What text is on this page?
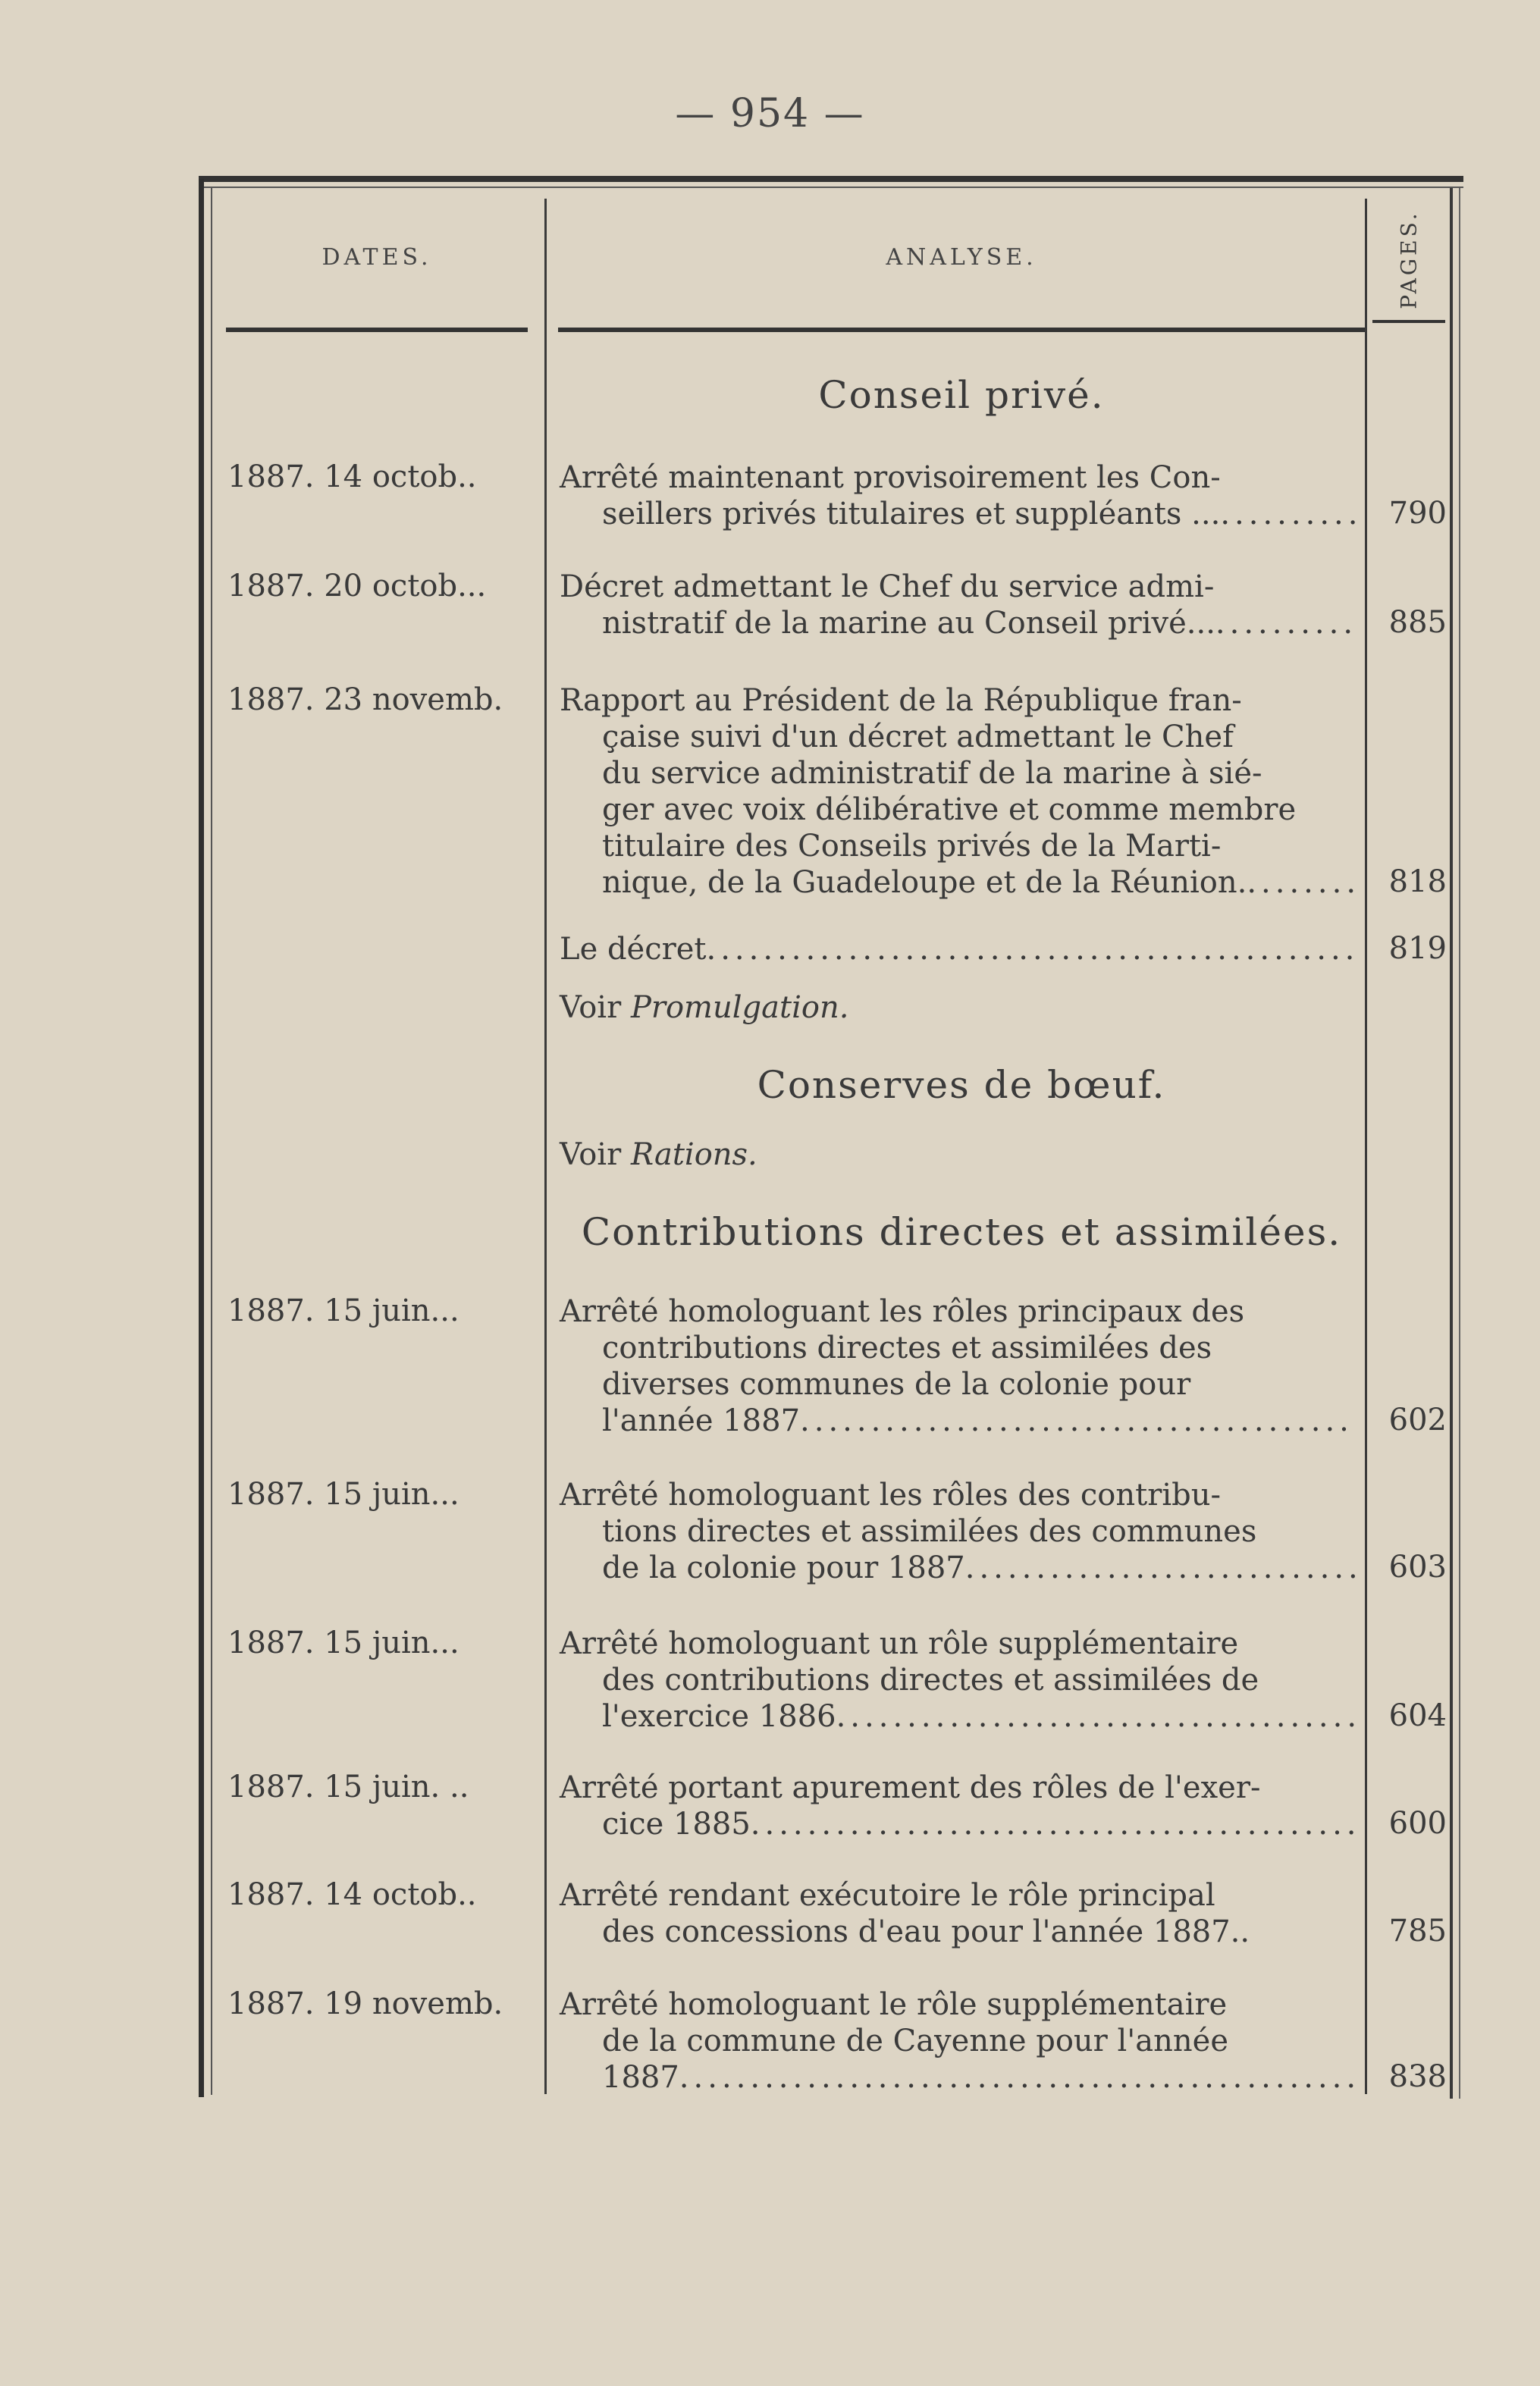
— 954 —
DATES.	ANALYSE.	PAGES.
Conseil privé.
1887. 14 octob..	Arrêté maintenant provisoirement les Con-
seillers privés titulaires et suppléants ... .....	790
1887. 20 octob...	Décret admettant le Chef du service admi-
nistratif de la marine au Conseil privé... .....	885
1887. 23 novemb.	Rapport au Président de la République fran-
çaise suivi d'un décret admettant le Chef
du service administratif de la marine à sié-
ger avec voix délibérative et comme membre
titulaire des Conseils privés de la Marti-
nique, de la Guadeloupe et de la Réunion. .....	818
Le décret .....	819
Voir Promulgation.
Conserves de bœuf.
Voir Rations.
Contributions directes et assimilées.
1887. 15 juin...	Arrêté homologuant les rôles principaux des
contributions directes et assimilées des
diverses communes de la colonie pour
l'année 1887 .....	602
1887. 15 juin...	Arrêté homologuant les rôles des contribu-
tions directes et assimilées des communes
de la colonie pour 1887 .....	603
1887. 15 juin...	Arrêté homologuant un rôle supplémentaire
des contributions directes et assimilées de
l'exercice 1886 .....	604
1887. 15 juin. ..	Arrêté portant apurement des rôles de l'exer-
cice 1885 .....	600
1887. 14 octob..	Arrêté rendant exécutoire le rôle principal
des concessions d'eau pour l'année 1887..	785
1887. 19 novemb.	Arrêté homologuant le rôle supplémentaire
de la commune de Cayenne pour l'année
1887 .....	838
